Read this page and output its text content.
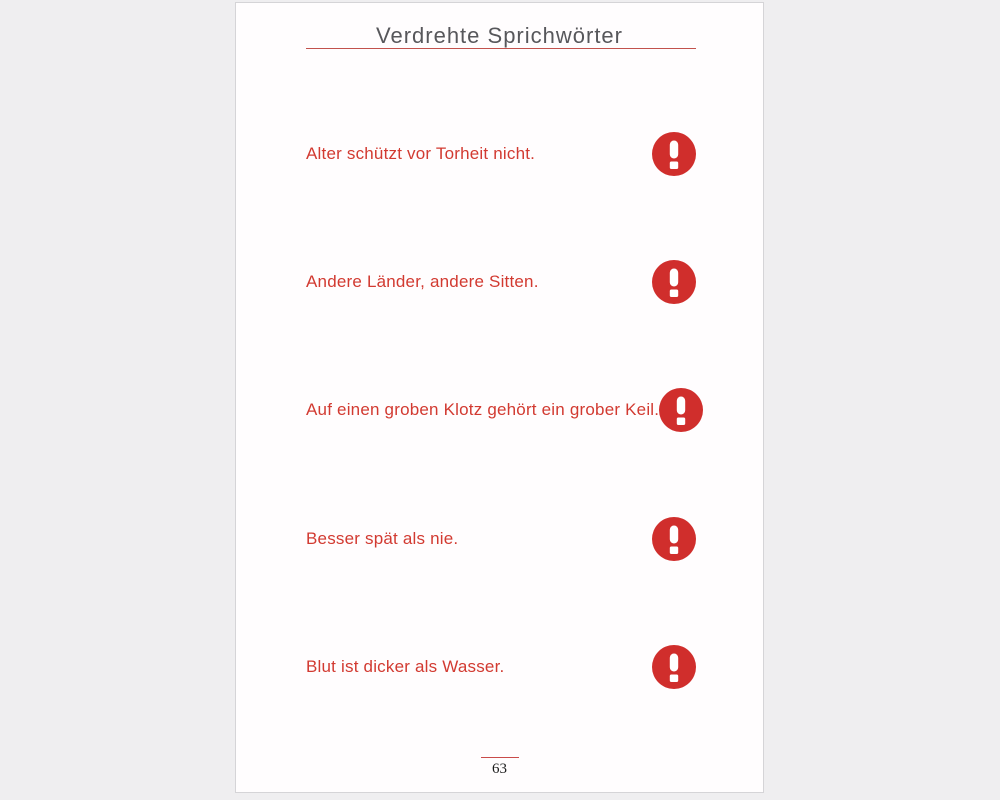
Verdrehte Sprichwörter
Alter schützt vor Torheit nicht.
Andere Länder, andere Sitten.
Auf einen groben Klotz gehört ein grober Keil.
Besser spät als nie.
Blut ist dicker als Wasser.
63
